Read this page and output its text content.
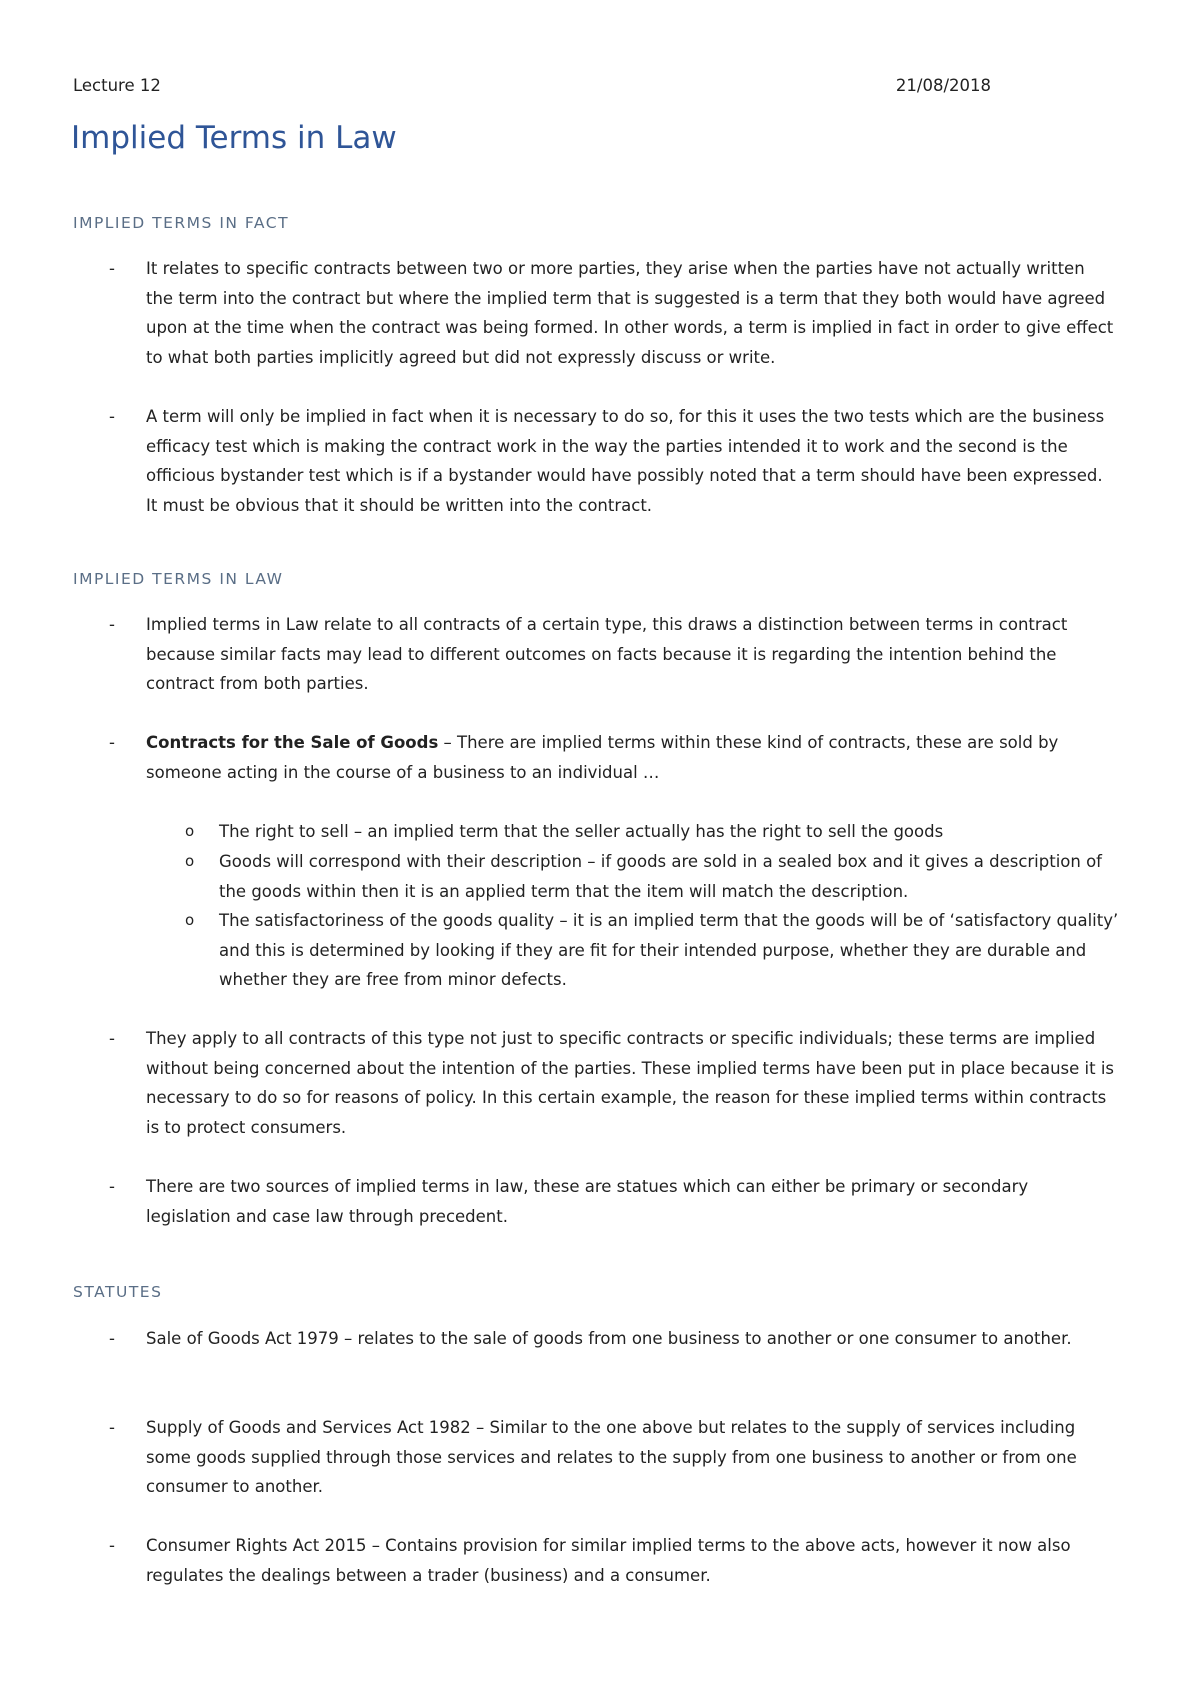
Lecture 12	21/08/2018
Implied Terms in Law
IMPLIED TERMS IN FACT
- It relates to specific contracts between two or more parties, they arise when the parties have not actually written the term into the contract but where the implied term that is suggested is a term that they both would have agreed upon at the time when the contract was being formed. In other words, a term is implied in fact in order to give effect to what both parties implicitly agreed but did not expressly discuss or write.
- A term will only be implied in fact when it is necessary to do so, for this it uses the two tests which are the business efficacy test which is making the contract work in the way the parties intended it to work and the second is the officious bystander test which is if a bystander would have possibly noted that a term should have been expressed. It must be obvious that it should be written into the contract.
IMPLIED TERMS IN LAW
- Implied terms in Law relate to all contracts of a certain type, this draws a distinction between terms in contract because similar facts may lead to different outcomes on facts because it is regarding the intention behind the contract from both parties.
- Contracts for the Sale of Goods – There are implied terms within these kind of contracts, these are sold by someone acting in the course of a business to an individual …
o The right to sell – an implied term that the seller actually has the right to sell the goods
o Goods will correspond with their description – if goods are sold in a sealed box and it gives a description of the goods within then it is an applied term that the item will match the description.
o The satisfactoriness of the goods quality – it is an implied term that the goods will be of ‘satisfactory quality’ and this is determined by looking if they are fit for their intended purpose, whether they are durable and whether they are free from minor defects.
- They apply to all contracts of this type not just to specific contracts or specific individuals; these terms are implied without being concerned about the intention of the parties. These implied terms have been put in place because it is necessary to do so for reasons of policy. In this certain example, the reason for these implied terms within contracts is to protect consumers.
- There are two sources of implied terms in law, these are statues which can either be primary or secondary legislation and case law through precedent.
STATUTES
- Sale of Goods Act 1979 – relates to the sale of goods from one business to another or one consumer to another.
- Supply of Goods and Services Act 1982 – Similar to the one above but relates to the supply of services including some goods supplied through those services and relates to the supply from one business to another or from one consumer to another.
- Consumer Rights Act 2015 – Contains provision for similar implied terms to the above acts, however it now also regulates the dealings between a trader (business) and a consumer.
